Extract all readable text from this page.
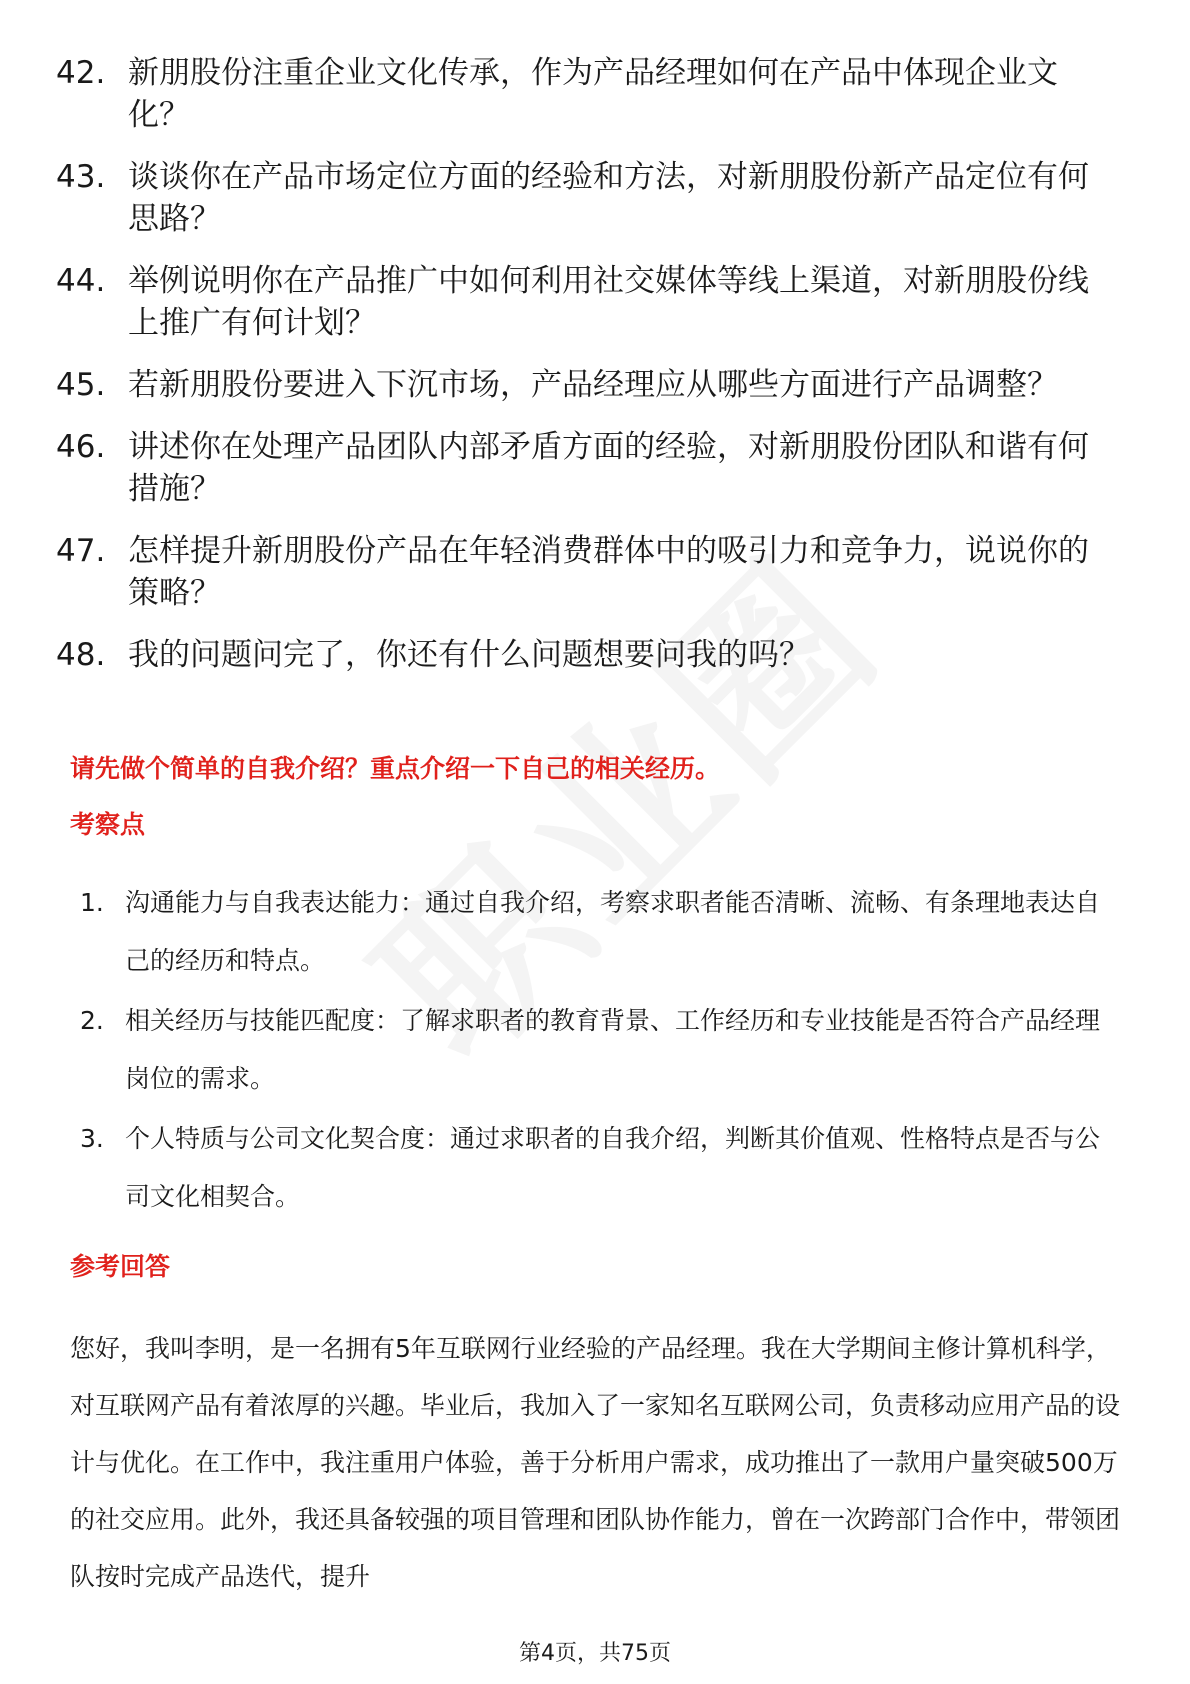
42. 新朋股份注重企业文化传承，作为产品经理如何在产品中体现企业文化？
43. 谈谈你在产品市场定位方面的经验和方法，对新朋股份新产品定位有何思路？
44. 举例说明你在产品推广中如何利用社交媒体等线上渠道，对新朋股份线上推广有何计划？
45. 若新朋股份要进入下沉市场，产品经理应从哪些方面进行产品调整？
46. 讲述你在处理产品团队内部矛盾方面的经验，对新朋股份团队和谐有何措施？
47. 怎样提升新朋股份产品在年轻消费群体中的吸引力和竞争力，说说你的策略？
48. 我的问题问完了，你还有什么问题想要问我的吗？
请先做个简单的自我介绍？重点介绍一下自己的相关经历。
考察点
1. 沟通能力与自我表达能力：通过自我介绍，考察求职者能否清晰、流畅、有条理地表达自己的经历和特点。
2. 相关经历与技能匹配度：了解求职者的教育背景、工作经历和专业技能是否符合产品经理岗位的需求。
3. 个人特质与公司文化契合度：通过求职者的自我介绍，判断其价值观、性格特点是否与公司文化相契合。
参考回答

您好，我叫李明，是一名拥有5年互联网行业经验的产品经理。我在大学期间主修计算机科学，对互联网产品有着浓厚的兴趣。毕业后，我加入了一家知名互联网公司，负责移动应用产品的设计与优化。在工作中，我注重用户体验，善于分析用户需求，成功推出了一款用户量突破500万的社交应用。此外，我还具备较强的项目管理和团队协作能力，曾在一次跨部门合作中，带领团队按时完成产品迭代，提升

第4页，共75页
